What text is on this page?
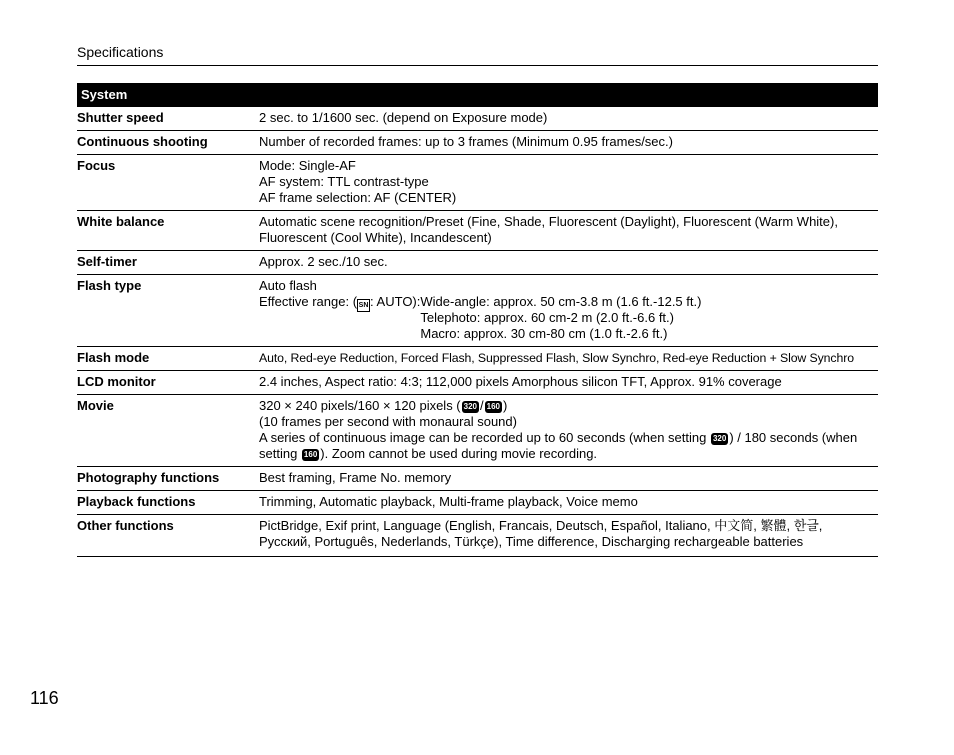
Specifications
System
Shutter speed	2 sec. to 1/1600 sec. (depend on Exposure mode)
Continuous shooting	Number of recorded frames: up to 3 frames (Minimum 0.95 frames/sec.)
Focus	Mode: Single-AF
AF system: TTL contrast-type
AF frame selection: AF (CENTER)
White balance	Automatic scene recognition/Preset (Fine, Shade, Fluorescent (Daylight), Fluorescent (Warm White), Fluorescent (Cool White), Incandescent)
Self-timer	Approx. 2 sec./10 sec.
Flash type	Auto flash
Effective range: ( SN : AUTO): Wide-angle: approx. 50 cm-3.8 m (1.6 ft.-12.5 ft.)
Telephoto: approx. 60 cm-2 m (2.0 ft.-6.6 ft.)
Macro: approx. 30 cm-80 cm (1.0 ft.-2.6 ft.)
Flash mode	Auto, Red-eye Reduction, Forced Flash, Suppressed Flash, Slow Synchro, Red-eye Reduction + Slow Synchro
LCD monitor	2.4 inches, Aspect ratio: 4:3; 112,000 pixels Amorphous silicon TFT, Approx. 91% coverage
Movie	320 × 240 pixels/160 × 120 pixels ( 320 / 160 )
(10 frames per second with monaural sound)
A series of continuous image can be recorded up to 60 seconds (when setting 320 ) / 180 seconds (when setting 160 ). Zoom cannot be used during movie recording.
Photography functions	Best framing, Frame No. memory
Playback functions	Trimming, Automatic playback, Multi-frame playback, Voice memo
Other functions	PictBridge, Exif print, Language (English, Francais, Deutsch, Español, Italiano, 中文简, 繁體, 한글,
Русский, Português, Nederlands, Türkçe), Time difference, Discharging rechargeable batteries
116
